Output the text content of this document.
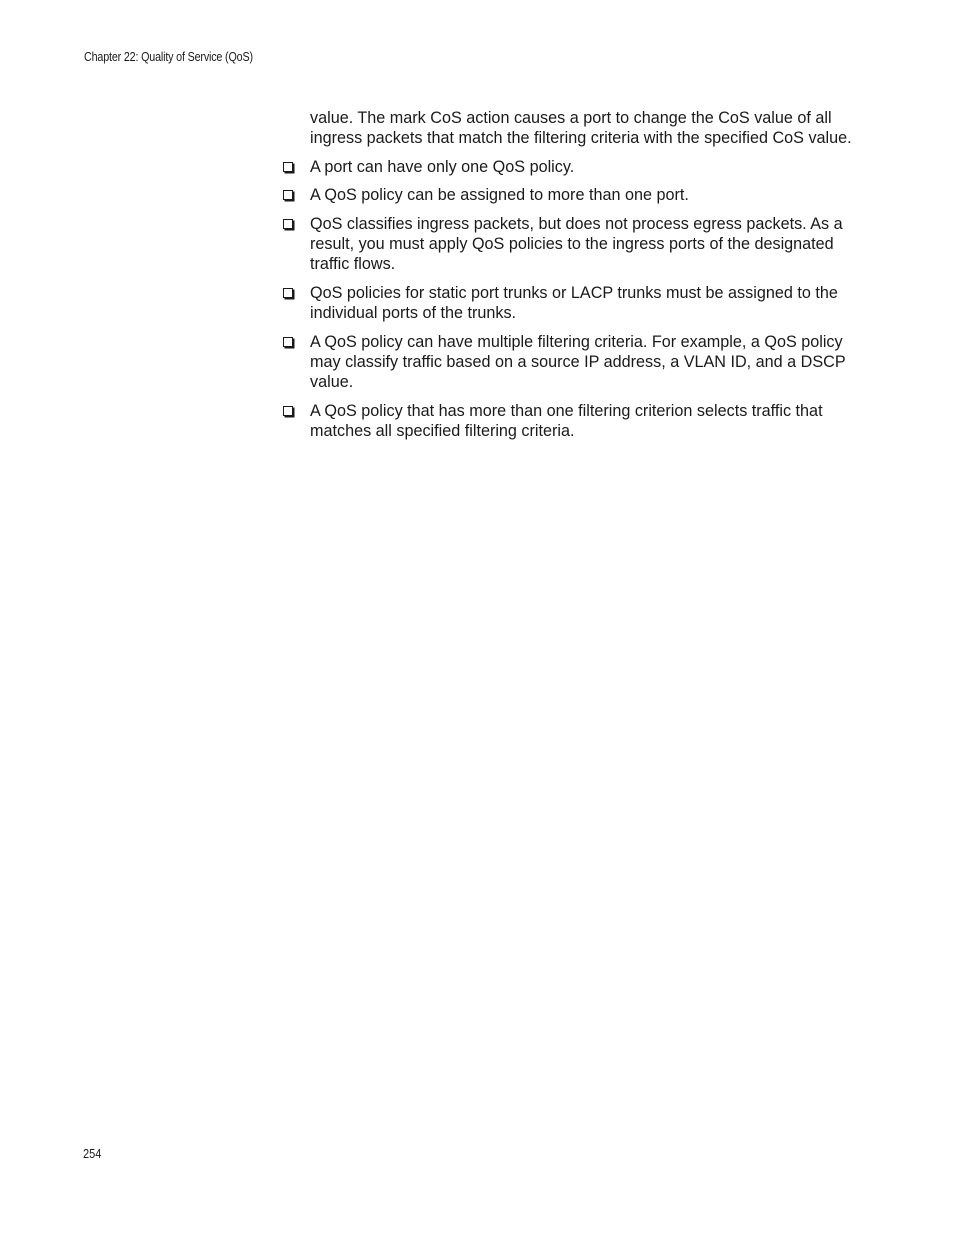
Chapter 22: Quality of Service (QoS)

value. The mark CoS action causes a port to change the CoS value of all ingress packets that match the filtering criteria with the specified CoS value.

A port can have only one QoS policy.
A QoS policy can be assigned to more than one port.
QoS classifies ingress packets, but does not process egress packets. As a result, you must apply QoS policies to the ingress ports of the designated traffic flows.
QoS policies for static port trunks or LACP trunks must be assigned to the individual ports of the trunks.
A QoS policy can have multiple filtering criteria. For example, a QoS policy may classify traffic based on a source IP address, a VLAN ID, and a DSCP value.
A QoS policy that has more than one filtering criterion selects traffic that matches all specified filtering criteria.
254
